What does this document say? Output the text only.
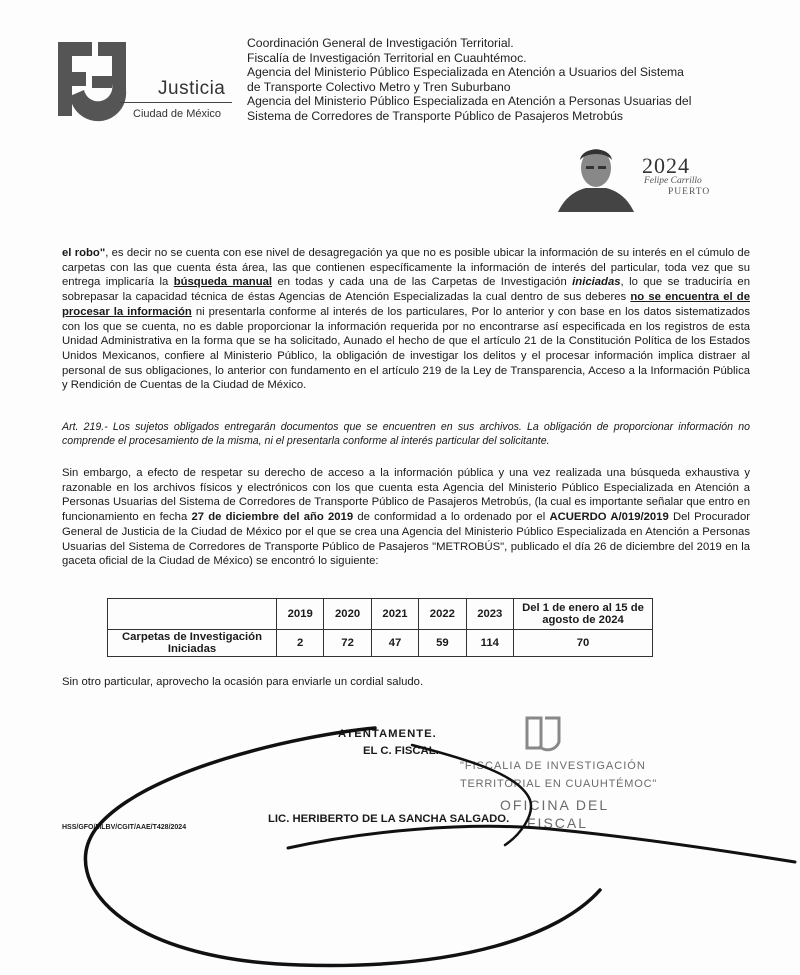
Justicia
Ciudad de México
Coordinación General de Investigación Territorial.
Fiscalía de Investigación Territorial en Cuauhtémoc.
Agencia del Ministerio Público Especializada en Atención a Usuarios del Sistema
de Transporte Colectivo Metro y Tren Suburbano
Agencia del Ministerio Público Especializada en Atención a Personas Usuarias del
Sistema de Corredores de Transporte Público de Pasajeros Metrobús
2024
Felipe Carrillo
PUERTO
el robo", es decir no se cuenta con ese nivel de desagregación ya que no es posible ubicar la información de su interés en el cúmulo de carpetas con las que cuenta ésta área, las que contienen específicamente la información de interés del particular, toda vez que su entrega implicaría la búsqueda manual en todas y cada una de las Carpetas de Investigación iniciadas, lo que se traduciría en sobrepasar la capacidad técnica de éstas Agencias de Atención Especializadas la cual dentro de sus deberes no se encuentra el de procesar la información ni presentarla conforme al interés de los particulares, Por lo anterior y con base en los datos sistematizados con los que se cuenta, no es dable proporcionar la información requerida por no encontrarse así especificada en los registros de esta Unidad Administrativa en la forma que se ha solicitado, Aunado el hecho de que el artículo 21 de la Constitución Política de los Estados Unidos Mexicanos, confiere al Ministerio Público, la obligación de investigar los delitos y el procesar información implica distraer al personal de sus obligaciones, lo anterior con fundamento en el artículo 219 de la Ley de Transparencia, Acceso a la Información Pública y Rendición de Cuentas de la Ciudad de México.
Art. 219.- Los sujetos obligados entregarán documentos que se encuentren en sus archivos. La obligación de proporcionar información no comprende el procesamiento de la misma, ni el presentarla conforme al interés particular del solicitante.
Sin embargo, a efecto de respetar su derecho de acceso a la información pública y una vez realizada una búsqueda exhaustiva y razonable en los archivos físicos y electrónicos con los que cuenta esta Agencia del Ministerio Público Especializada en Atención a Personas Usuarias del Sistema de Corredores de Transporte Público de Pasajeros Metrobús, (la cual es importante señalar que entro en funcionamiento en fecha 27 de diciembre del año 2019 de conformidad a lo ordenado por el ACUERDO A/019/2019 Del Procurador General de Justicia de la Ciudad de México por el que se crea una Agencia del Ministerio Público Especializada en Atención a Personas Usuarias del Sistema de Corredores de Transporte Público de Pasajeros "METROBÚS", publicado el día 26 de diciembre del 2019 en la gaceta oficial de la Ciudad de México) se encontró lo siguiente:
	2019	2020	2021	2022	2023	Del 1 de enero al 15 de agosto de 2024
Carpetas de Investigación Iniciadas	2	72	47	59	114	70
Sin otro particular, aprovecho la ocasión para enviarle un cordial saludo.
"FISCALIA DE INVESTIGACIÓN
TERRITORIAL EN CUAUHTÉMOC"
OFICINA DEL
FISCAL
ATENTAMENTE.
EL C. FISCAL.
LIC. HERIBERTO DE LA SANCHA SALGADO.
HSS/GFO/MLBV/CGIT/AAE/T428/2024
